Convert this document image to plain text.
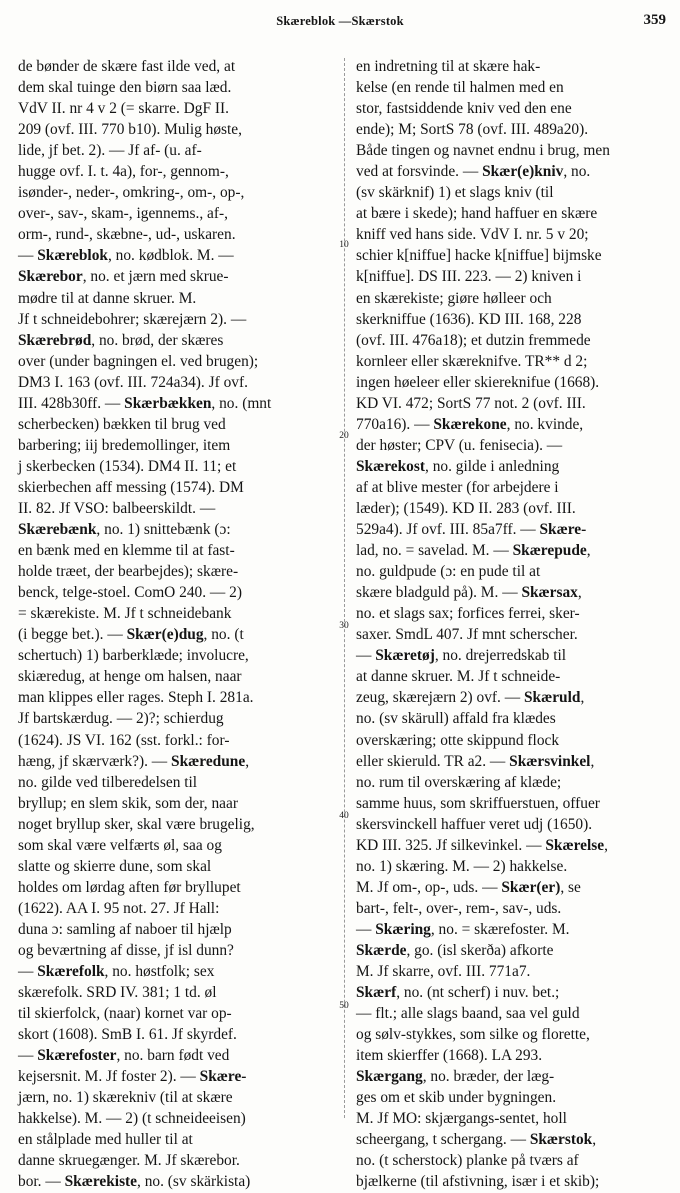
Skæreblok —Skærstok	359
10
20
30
40
50
de bønder de skære fast ilde ved, at
dem skal tuinge den biørn saa læd.
VdV II. nr 4 v 2 (= skarre. DgF II.
209 (ovf. III. 770 b10). Mulig høste,
lide, jf bet. 2). — Jf af- (u. af-
hugge ovf. I. t. 4a), for-, gennom-,
isønder-, neder-, omkring-, om-, op-,
over-, sav-, skam-, igennems., af-,
orm-, rund-, skæbne-, ud-, uskaren.
— Skæreblok, no. kødblok. M. —
Skærebor, no. et jærn med skrue-
mødre til at danne skruer. M.
Jf t schneidebohrer; skærejærn 2). —
Skærebrød, no. brød, der skæres
over (under bagningen el. ved brugen);
DM3 I. 163 (ovf. III. 724a34). Jf ovf.
III. 428b30ff. — Skærbækken, no. (mnt
scherbecken) bækken til brug ved
barbering; iij bredemollinger, item
j skerbecken (1534). DM4 II. 11; et
skierbechen aff messing (1574). DM
II. 82. Jf VSO: balbeerskildt. —
Skærebænk, no. 1) snittebænk (ɔ:
en bænk med en klemme til at fast-
holde træet, der bearbejdes); skære-
benck, telge-stoel. ComO 240. — 2)
= skærekiste. M. Jf t schneidebank
(i begge bet.). — Skær(e)dug, no. (t
schertuch) 1) barberklæde; involucre,
skiæredug, at henge om halsen, naar
man klippes eller rages. Steph I. 281a.
Jf bartskærdug. — 2)?; schierdug
(1624). JS VI. 162 (sst. forkl.: for-
hæng, jf skærværk?). — Skæredune,
no. gilde ved tilberedelsen til
bryllup; en slem skik, som der, naar
noget bryllup sker, skal være brugelig,
som skal være velfærts øl, saa og
slatte og skierre dune, som skal
holdes om lørdag aften før bryllupet
(1622). AA I. 95 not. 27. Jf Hall:
duna ɔ: samling af naboer til hjælp
og beværtning af disse, jf isl dunn?
— Skærefolk, no. høstfolk; sex
skærefolk. SRD IV. 381; 1 td. øl
til skierfolck, (naar) kornet var op-
skort (1608). SmB I. 61. Jf skyrdef.
— Skærefoster, no. barn født ved
kejsersnit. M. Jf foster 2). — Skære-
jærn, no. 1) skærekniv (til at skære
hakkelse). M. — 2) (t schneideeisen)
en stålplade med huller til at
danne skruegænger. M. Jf skærebor.
bor. — Skærekiste, no. (sv skärkista)
en indretning til at skære hak-
kelse (en rende til halmen med en
stor, fastsiddende kniv ved den ene
ende); M; SortS 78 (ovf. III. 489a20).
Både tingen og navnet endnu i brug, men
ved at forsvinde. — Skær(e)kniv, no.
(sv skärknif) 1) et slags kniv (til
at bære i skede); hand haffuer en skære
kniff ved hans side. VdV I. nr. 5 v 20;
schier k[niffue] hacke k[niffue] bijmske
k[niffue]. DS III. 223. — 2) kniven i
en skærekiste; giøre hølleer och
skerkniffue (1636). KD III. 168, 228
(ovf. III. 476a18); et dutzin fremmede
kornleer eller skæreknifve. TR** d 2;
ingen høeleer eller skiereknifue (1668).
KD VI. 472; SortS 77 not. 2 (ovf. III.
770a16). — Skærekone, no. kvinde,
der høster; CPV (u. fenisecia). —
Skærekost, no. gilde i anledning
af at blive mester (for arbejdere i
læder); (1549). KD II. 283 (ovf. III.
529a4). Jf ovf. III. 85a7ff. — Skære-
lad, no. = savelad. M. — Skærepude,
no. guldpude (ɔ: en pude til at
skære bladguld på). M. — Skærsax,
no. et slags sax; forfices ferrei, sker-
saxer. SmdL 407. Jf mnt scherscher.
— Skæretøj, no. drejerredskab til
at danne skruer. M. Jf t schneide-
zeug, skærejærn 2) ovf. — Skæruld,
no. (sv skärull) affald fra klædes
overskæring; otte skippund flock
eller skieruld. TR a2. — Skærsvinkel,
no. rum til overskæring af klæde;
samme huus, som skriffuerstuen, offuer
skersvinckell haffuer veret udj (1650).
KD III. 325. Jf silkevinkel. — Skærelse,
no. 1) skæring. M. — 2) hakkelse.
M. Jf om-, op-, uds. — Skær(er), se
bart-, felt-, over-, rem-, sav-, uds.
— Skæring, no. = skærefoster. M.
Skærde, go. (isl skerða) afkorte
M. Jf skarre, ovf. III. 771a7.
Skærf, no. (nt scherf) i nuv. bet.;
— flt.; alle slags baand, saa vel guld
og sølv-stykkes, som silke og florette,
item skierffer (1668). LA 293.
Skærgang, no. bræder, der læg-
ges om et skib under bygningen.
M. Jf MO: skjærgangs-sentet, holl
scheergang, t schergang. — Skærstok,
no. (t scherstock) planke på tværs af
bjælkerne (til afstivning, især i et skib);
